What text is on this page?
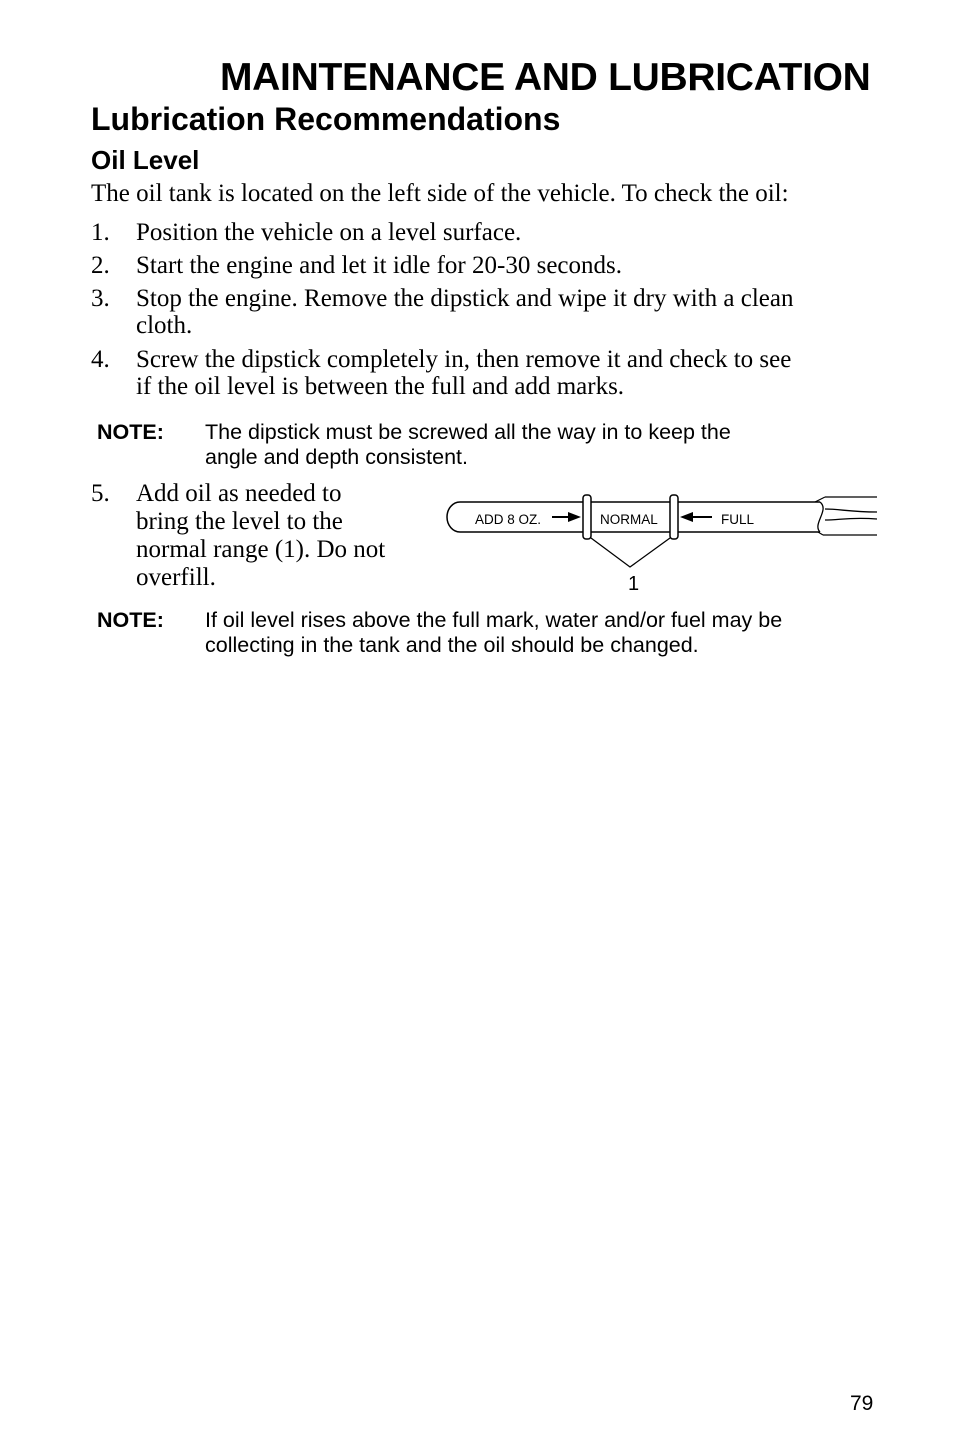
MAINTENANCE AND LUBRICATION
Lubrication Recommendations
Oil Level
The oil tank is located on the left side of the vehicle. To check the oil:
1. Position the vehicle on a level surface.
2. Start the engine and let it idle for 20-30 seconds.
3. Stop the engine. Remove the dipstick and wipe it dry with a clean
cloth.
4. Screw the dipstick completely in, then remove it and check to see
if the oil level is between the full and add marks.
NOTE: The dipstick must be screwed all the way in to keep the
angle and depth consistent.
5. Add oil as needed to
bring the level to the
normal range (1). Do not
overfill.
ADD 8 OZ.	NORMAL	FULL
1
NOTE: If oil level rises above the full mark, water and/or fuel may be
collecting in the tank and the oil should be changed.
79
